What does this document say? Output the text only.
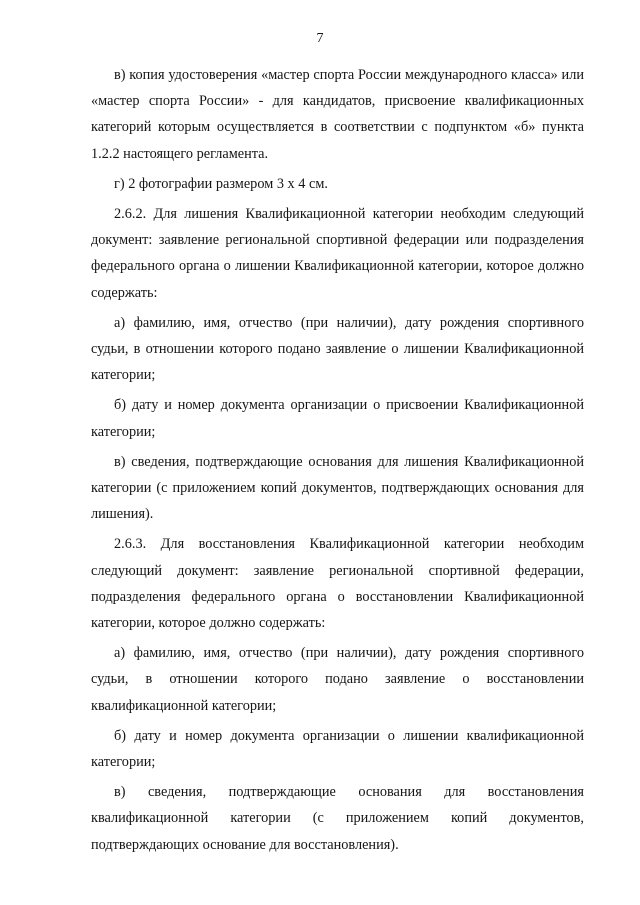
7

в) копия удостоверения «мастер спорта России международного класса» или «мастер спорта России» - для кандидатов, присвоение квалификационных категорий которым осуществляется в соответствии с подпунктом «б» пункта 1.2.2 настоящего регламента.

г) 2 фотографии размером 3 х 4 см.

2.6.2. Для лишения Квалификационной категории необходим следующий документ: заявление региональной спортивной федерации или подразделения федерального органа о лишении Квалификационной категории, которое должно содержать:

а) фамилию, имя, отчество (при наличии), дату рождения спортивного судьи, в отношении которого подано заявление о лишении Квалификационной категории;

б) дату и номер документа организации о присвоении Квалификационной категории;

в) сведения, подтверждающие основания для лишения Квалификационной категории (с приложением копий документов, подтверждающих основания для лишения).

2.6.3. Для восстановления Квалификационной категории необходим следующий документ: заявление региональной спортивной федерации, подразделения федерального органа о восстановлении Квалификационной категории, которое должно содержать:

а) фамилию, имя, отчество (при наличии), дату рождения спортивного судьи, в отношении которого подано заявление о восстановлении квалификационной категории;

б) дату и номер документа организации о лишении квалификационной категории;

в) сведения, подтверждающие основания для восстановления квалификационной категории (с приложением копий документов, подтверждающих основание для восстановления).
